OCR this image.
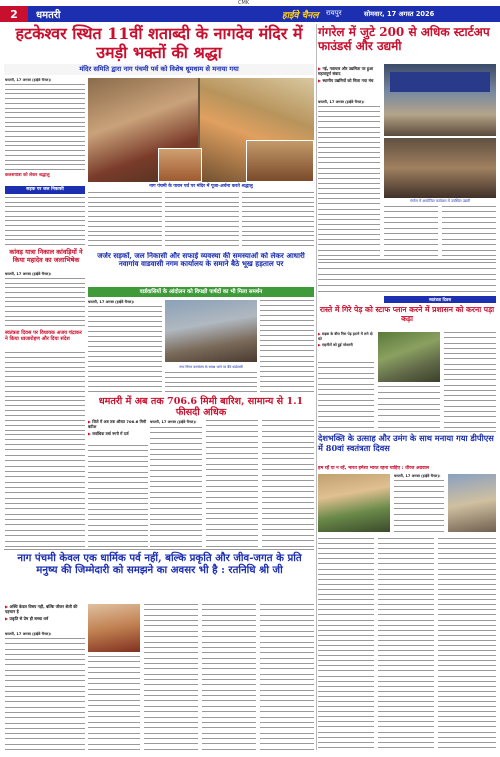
CMK
2	धमतरी	हाईवे चैनल रायपुर	सोमवार, 17 अगस्त 2026
हटकेश्वर स्थित 11वीं शताब्दी के नागदेव मंदिर में उमड़ी भक्तों की श्रद्धा
मंदिर समिति द्वारा नाग पंचमी पर्व को विशेष धूमधाम से मनाया गया
धमतरी, 17 अगस्त (हाईवे चैनल)।
कलशयात्रा को लेकर श्रद्धालु
नाग पंचमी के पावन पर्व पर मंदिर में पूजा-अर्चना करते श्रद्धालु
सड़क पर जल निकासी
कांवड़ यात्रा निकाल कांवड़ियों ने किया महादेव का जलाभिषेक
धमतरी, 17 अगस्त (हाईवे चैनल)।
स्वतंत्रता दिवस पर विधायक अजय चंद्राकर ने किया ध्वजारोहण और दिया संदेश
गंगरेल में जुटे 200 से अधिक स्टार्टअप फाउंडर्स और उद्यमी
▶ नई, नवाचार और उद्यमिता पर हुआ महत्वपूर्ण संवाद
▶ स्थानीय उद्यमियों को मिला नया मंच
धमतरी, 17 अगस्त (हाईवे चैनल)।
गंगरेल में आयोजित कार्यक्रम में उपस्थित उद्यमी
जर्जर सड़कों, जल निकासी और सफाई व्यवस्था की समस्याओं को लेकर आधारी नवागांव वाडवासी नगम कार्यालय के समाने बैठे भूख हड़ताल पर
वार्डवासियों के आंदोलन को विपक्षी पार्षदों का भी मिला समर्थन
नगर निगम कार्यालय के समक्ष धरने पर बैठे वार्डवासी
धमतरी, 17 अगस्त (हाईवे चैनल)।
धमतरी में अब तक 706.6 मिमी बारिश, सामान्य से 1.1 फीसदी अधिक
▶ जिले में अब तक औसत 706.6 मिमी बारिश
▶ सर्वाधिक वर्षा नगरी में दर्ज
धमतरी, 17 अगस्त (हाईवे चैनल)।
स्वतंत्रता दिवस
रास्ते में गिरे पेड़ को स्टाफ प्लान करने में प्रशासन को करना पड़ा कड़ा
▶ सड़क के बीच गिरा पेड़ हटाने में लगे दो घंटे
▶ राहगीरों को हुई परेशानी
देशभक्ति के उत्साह और उमंग के साथ मनाया गया डीपीएस में 80वां स्वतंत्रता दिवस
हम रहें या न रहें, भारत हमेशा भारत रहना चाहिए : धीरज अग्रवाल
धमतरी, 17 अगस्त (हाईवे चैनल)।
नाग पंचमी केवल एक धार्मिक पर्व नहीं, बल्कि प्रकृति और जीव-जगत के प्रति मनुष्य की जिम्मेदारी को समझने का अवसर भी है : रतनिधि श्री जी
▶ अस्थि केवल विषय नहीं, बल्कि जीवन शैली की पहचान है
▶ प्रकृति से प्रेम ही सच्चा धर्म
धमतरी, 17 अगस्त (हाईवे चैनल)।
